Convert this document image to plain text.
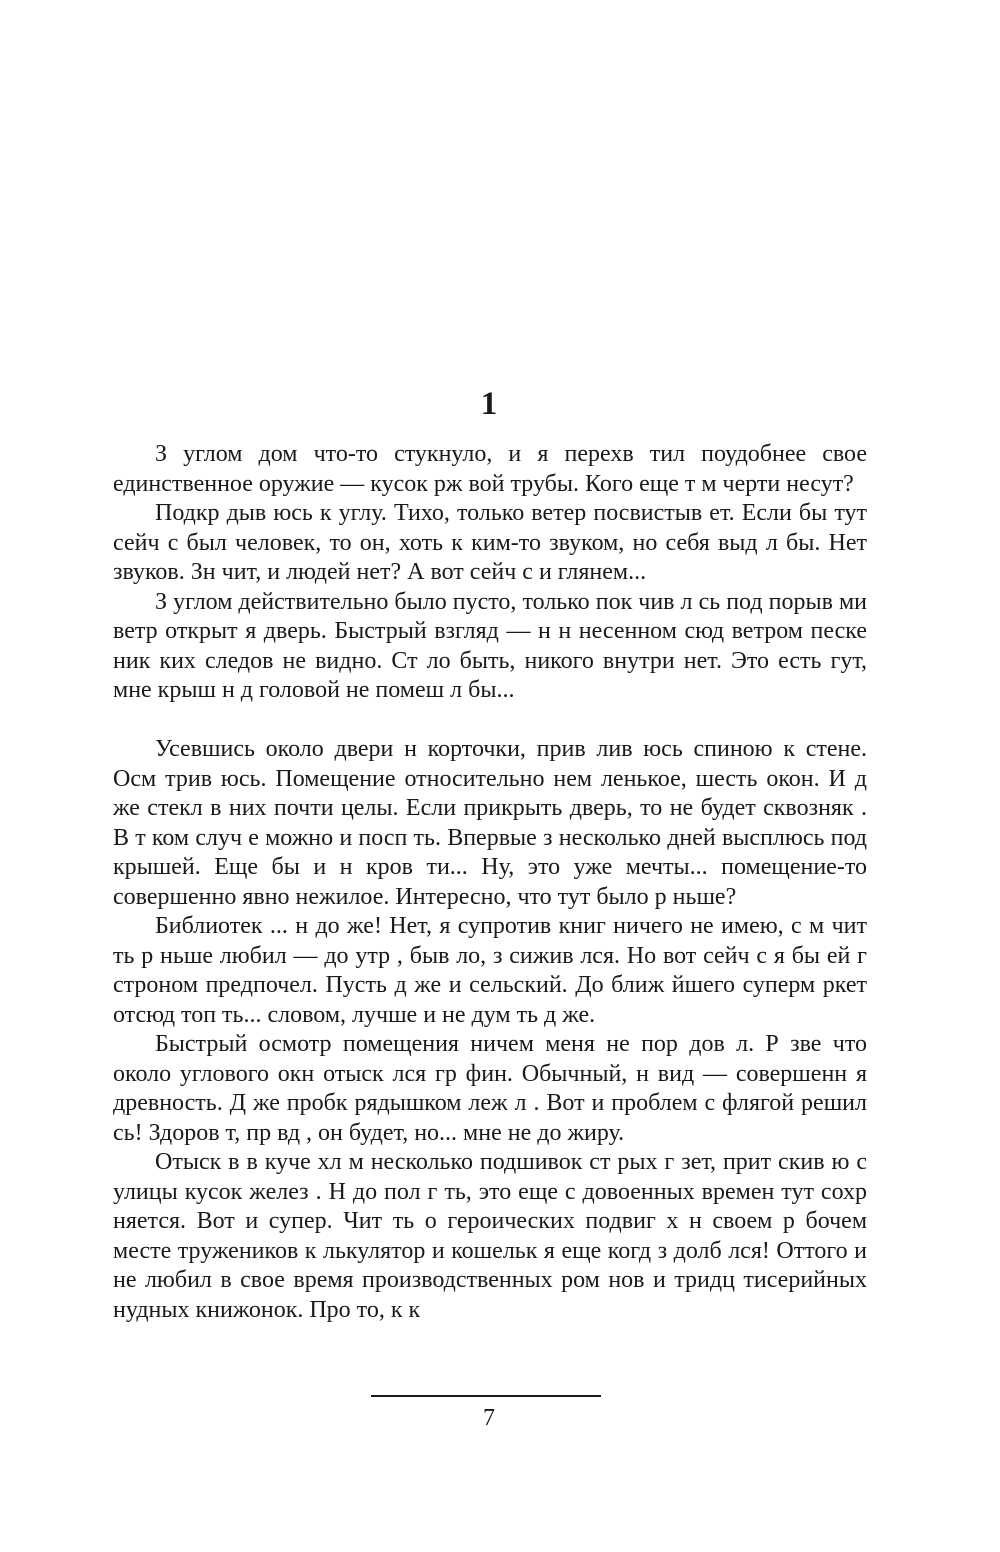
1

З углом дом что-то стукнуло, и я перехв тил поудобнее свое единственное оружие — кусок рж вой трубы. Кого еще т м черти несут?

Подкр дыв юсь к углу. Тихо, только ветер посвистыв ет. Если бы тут сейч с был человек, то он, хоть к ким-то звуком, но себя выд л бы. Нет звуков. Зн чит, и людей нет? А вот сейч с и глянем...

З углом действительно было пусто, только пок чив л сь под порыв ми ветр открыт я дверь. Быстрый взгляд — н н несенном сюд ветром песке ник ких следов не видно. Ст ло быть, никого внутри нет. Это есть гут, мне крыш н д головой не помеш л бы...

Усевшись около двери н корточки, прив лив юсь спиною к стене. Осм трив юсь. Помещение относительно нем ленькое, шесть окон. И д же стекл в них почти целы. Если прикрыть дверь, то не будет сквозняк . В т ком случ е можно и посп ть. Впервые з несколько дней высплюсь под крышей. Еще бы и н кров ти... Ну, это уже мечты... помещение-то совершенно явно нежилое. Интересно, что тут было р ньше?

Библиотек ... н до же! Нет, я супротив книг ничего не имею, с м чит ть р ньше любил — до утр , быв ло, з сижив лся. Но вот сейч с я бы ей г строном предпочел. Пусть д же и сельский. До ближ йшего суперм ркет отсюд топ ть... словом, лучше и не дум ть д же.

Быстрый осмотр помещения ничем меня не пор дов л. Р зве что около углового окн отыск лся гр фин. Обычный, н вид — совершенн я древность. Д же пробк рядышком леж л . Вот и проблем с флягой решил сь! Здоров т, пр вд , он будет, но... мне не до жиру.

Отыск в в куче хл м несколько подшивок ст рых г зет, прит скив ю с улицы кусок желез . Н до пол г ть, это еще с довоенных времен тут сохр няется. Вот и супер. Чит ть о героических подвиг х н своем р бочем месте тружеников к лькулятор и кошельк я еще когд з долб лся! Оттого и не любил в свое время производственных ром нов и тридц тисерийных нудных книжонок. Про то, к к

7
